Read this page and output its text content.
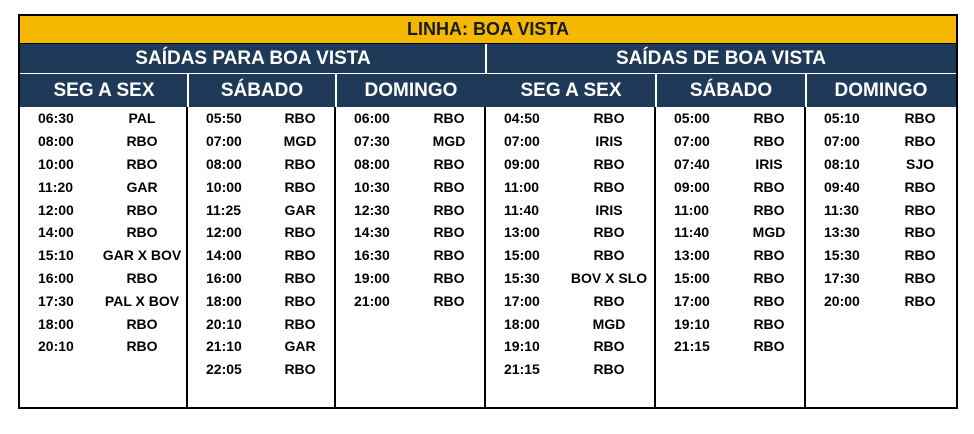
LINHA: BOA VISTA
SAÍDAS PARA BOA VISTA	SAÍDAS DE BOA VISTA
SEG A SEX	SÁBADO	DOMINGO	SEG A SEX	SÁBADO	DOMINGO
06:30	PAL
08:00	RBO
10:00	RBO
11:20	GAR
12:00	RBO
14:00	RBO
15:10	GAR X BOV
16:00	RBO
17:30	PAL X BOV
18:00	RBO
20:10	RBO
05:50	RBO
07:00	MGD
08:00	RBO
10:00	RBO
11:25	GAR
12:00	RBO
14:00	RBO
16:00	RBO
18:00	RBO
20:10	RBO
21:10	GAR
22:05	RBO
06:00	RBO
07:30	MGD
08:00	RBO
10:30	RBO
12:30	RBO
14:30	RBO
16:30	RBO
19:00	RBO
21:00	RBO
04:50	RBO
07:00	IRIS
09:00	RBO
11:00	RBO
11:40	IRIS
13:00	RBO
15:00	RBO
15:30	BOV X SLO
17:00	RBO
18:00	MGD
19:10	RBO
21:15	RBO
05:00	RBO
07:00	RBO
07:40	IRIS
09:00	RBO
11:00	RBO
11:40	MGD
13:00	RBO
15:00	RBO
17:00	RBO
19:10	RBO
21:15	RBO
05:10	RBO
07:00	RBO
08:10	SJO
09:40	RBO
11:30	RBO
13:30	RBO
15:30	RBO
17:30	RBO
20:00	RBO
